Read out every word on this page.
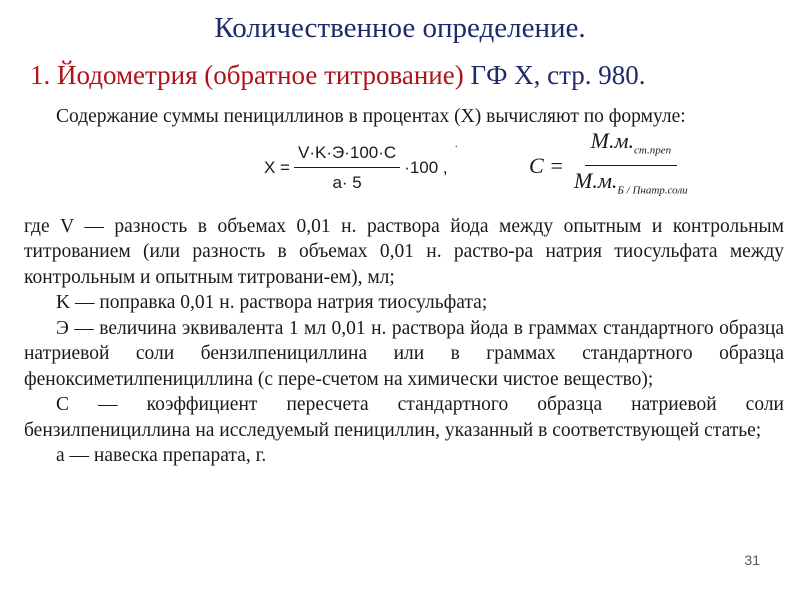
Количественное определение.
1. Йодометрия (обратное титрование) ГФ X, стр. 980.

Содержание суммы пенициллинов в процентах (X) вычисляют по формуле:

.
$X = \frac{V\cdot K\cdot Э\cdot 100\cdot C}{a\cdot 5} \cdot 100$ ,	$C = \frac{M.м._{ст.преп}}{M.м._{Б / Пнатр.соли}}$

где V — разность в объемах 0,01 н. раствора йода между опытным и контрольным титрованием (или разность в объемах 0,01 н. раство-ра натрия тиосульфата между контрольным и опытным титровани-ем), мл;

K — поправка 0,01 н. раствора натрия тиосульфата;

Э — величина эквивалента 1 мл 0,01 н. раствора йода в граммах стандартного образца натриевой соли бензилпенициллина или в граммах стандартного образца феноксиметилпенициллина (с пере-счетом на химически чистое вещество);

C — коэффициент пересчета стандартного образца натриевой соли бензилпенициллина на исследуемый пенициллин, указанный в соответствующей статье;

a — навеска препарата, г.

31
